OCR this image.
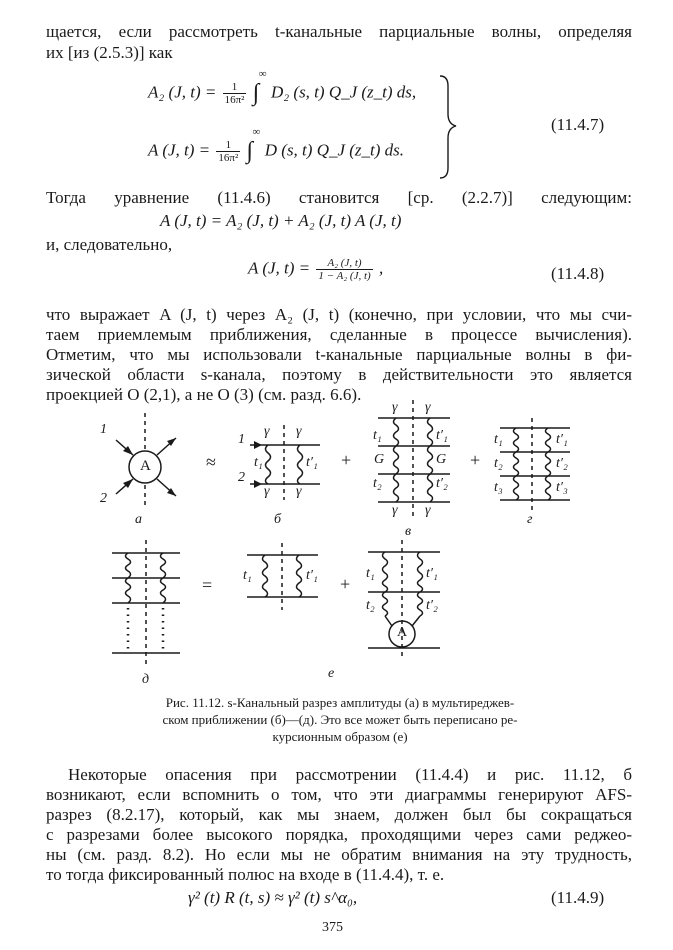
щается, если рассмотреть t-канальные парциальные волны, определяя
их [из (2.5.3)] как
A₂ (J, $t) = \frac{1}{\text{16π²}}$ ∫
∞
D₂ (s, t) Q_J (z_t) ds,
A (J, $t) = \frac{1}{\text{16π²}}$ ∫
∞
D (s, t) Q_J (z_t) ds.
(11.4.7)
Тогда уравнение (11.4.6) становится [ср. (2.2.7)] следующим:
A (J, t) = A₂ (J, t) + A₂ (J, t) A (J, t)
и, следовательно,
A (J, $t) = \frac{\text{A₂ (J, t)}}{\text{1 − A₂ (J, t)}}$ ,	(11.4.8)
что выражает A (J, t) через A₂ (J, t) (конечно, при условии, что мы счи-
таем приемлемым приближения, сделанные в процессе вычисления).
Отметим, что мы использовали t-канальные парциальные волны в фи-
зической области s-канала, поэтому в действительности это является
проекцией O (2,1), а не O (3) (см. разд. 6.6).
1
2
A	≈
1
2
γ γ
γ γ
t₁	t′₁
б
a
+
γ γ
t₁	t′₁
G	G
t₂	t′₂
γ γ
в
+
t₁	t′₁
t₂	t′₂
t₃	t′₃
г
= t₁	t′₁ +
t₁	t′₁
t₂	t′₂
A
д	е
Рис. 11.12. s-Канальный разрез амплитуды (a) в мультиреджев-
ском приближении (б)—(д). Это все может быть переписано ре-
курсионным образом (е)
Некоторые опасения при рассмотрении (11.4.4) и рис. 11.12, б
возникают, если вспомнить о том, что эти диаграммы генерируют AFS-
разрез (8.2.17), который, как мы знаем, должен был бы сокращаться
с разрезами более высокого порядка, проходящими через сами реджео-
ны (см. разд. 8.2). Но если мы не обратим внимания на эту трудность,
то тогда фиксированный полюс на входе в (11.4.4), т. е.
γ² (t) R (t, s) ≈ γ² (t) s^α₀,	(11.4.9)
375
